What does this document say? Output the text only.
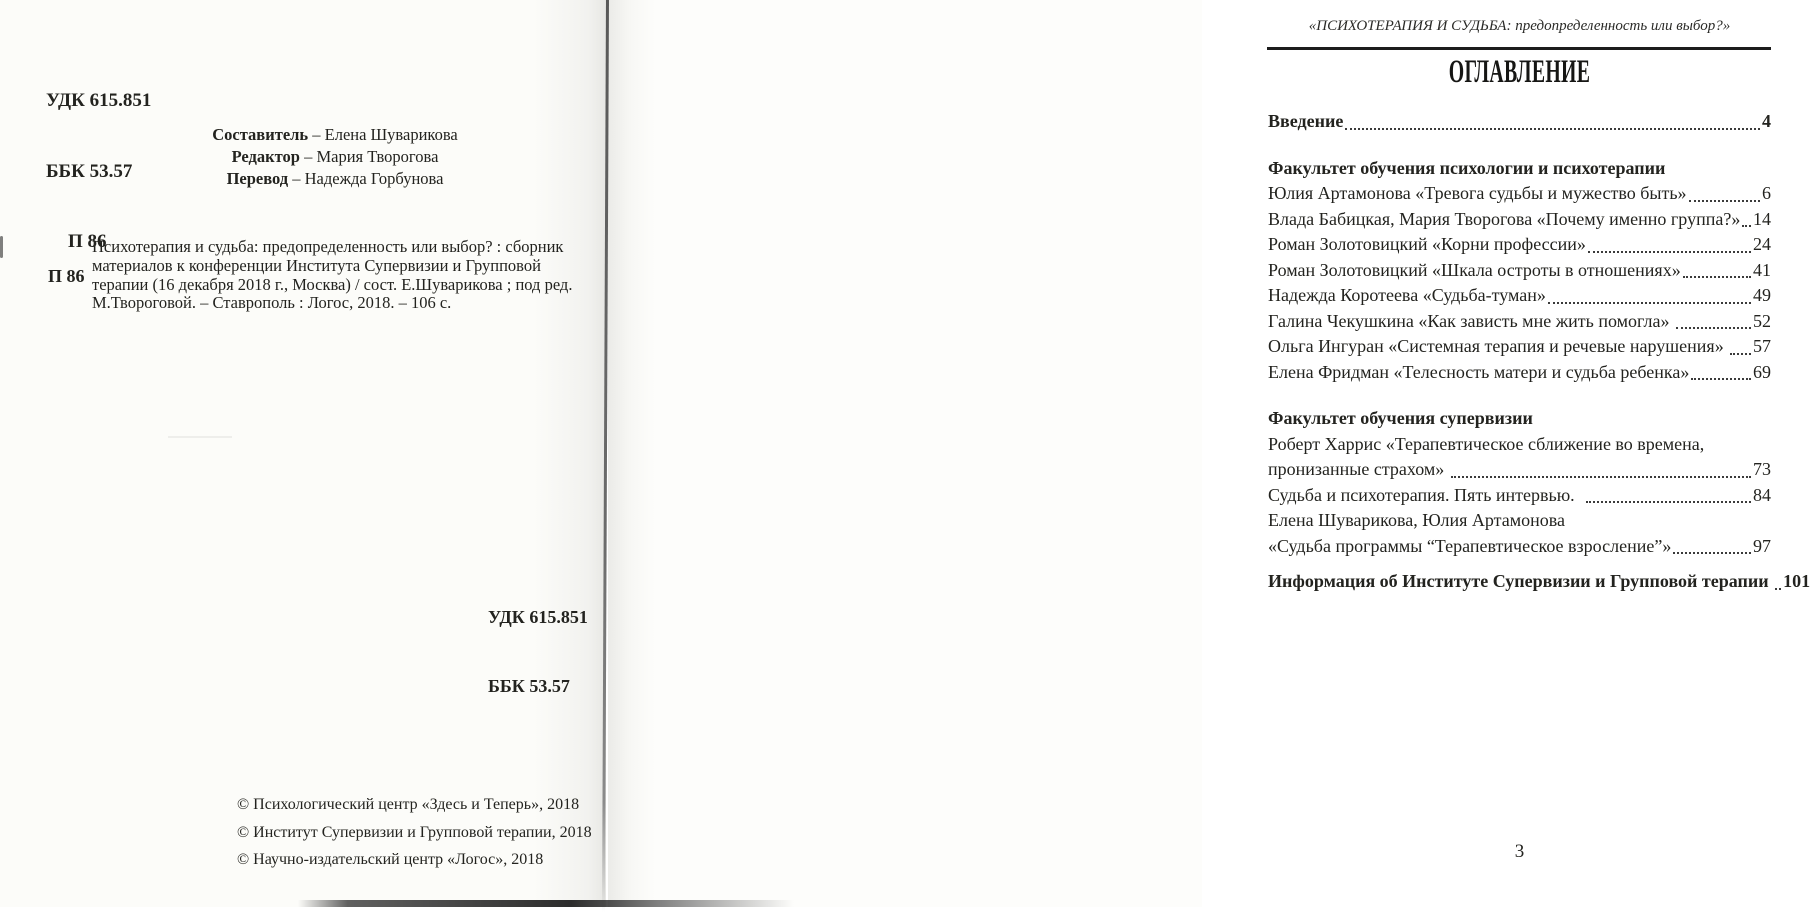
УДК 615.851

ББК 53.57

П 86

Составитель – Елена Шуварикова
Редактор – Мария Творогова
Перевод – Надежда Горбунова
П 86
Психотерапия и судьба: предопределенность или выбор? : сборник материалов к конференции Института Супервизии и Групповой терапии (16 декабря 2018 г., Москва) / сост. Е.Шуварикова ; под ред. М.Твороговой. – Ставрополь : Логос, 2018. – 106 с.

УДК 615.851

ББК 53.57

© Психологический центр «Здесь и Теперь», 2018
© Институт Супервизии и Групповой терапии, 2018
© Научно-издательский центр «Логос», 2018
«ПСИХОТЕРАПИЯ И СУДЬБА: предопределенность или выбор?»
ОГЛАВЛЕНИЕ
Введение	4
Факультет обучения психологии и психотерапии
Юлия Артамонова «Тревога судьбы и мужество быть»	6
Влада Бабицкая, Мария Творогова «Почему именно группа?» 14
Роман Золотовицкий «Корни профессии»	24
Роман Золотовицкий «Шкала остроты в отношениях»	41
Надежда Коротеева «Судьба-туман»	49
Галина Чекушкина «Как зависть мне жить помогла»	52
Ольга Ингуран «Системная терапия и речевые нарушения» 57
Елена Фридман «Телесность матери и судьба ребенка»	69
Факультет обучения супервизии
Роберт Харрис «Терапевтическое сближение во времена,
пронизанные страхом»	73
Судьба и психотерапия. Пять интервью.	84
Елена Шуварикова, Юлия Артамонова
«Судьба программы “Терапевтическое взросление”»	97
Информация об Институте Супервизии и Групповой терапии 101
3
